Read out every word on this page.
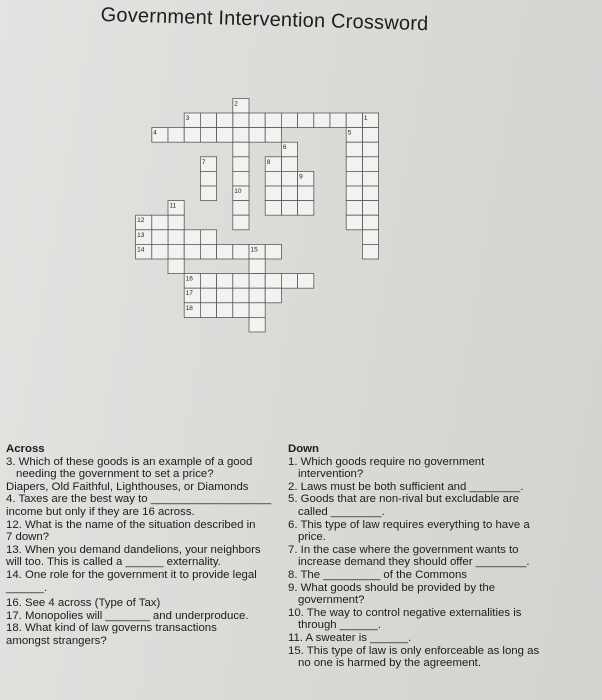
Government Intervention Crossword
1
2
3
4	5
6
7	8
9
10
11
12
13
14	15
16
17
18
Across
3. Which of these goods is an example of a good
needing the government to set a price?
Diapers, Old Faithful, Lighthouses, or Diamonds
4. Taxes are the best way to ___________________
income but only if they are 16 across.
12. What is the name of the situation described in
7 down?
13. When you demand dandelions, your neighbors
will too. This is called a ______ externality.
14. One role for the government it to provide legal
______.
16. See 4 across (Type of Tax)
17. Monopolies will _______ and underproduce.
18. What kind of law governs transactions
amongst strangers?
Down
1. Which goods require no government
intervention?
2. Laws must be both sufficient and ________.
5. Goods that are non-rival but excludable are
called ________.
6. This type of law requires everything to have a
price.
7. In the case where the government wants to
increase demand they should offer ________.
8. The _________ of the Commons
9. What goods should be provided by the
government?
10. The way to control negative externalities is
through ______.
11. A sweater is ______.
15. This type of law is only enforceable as long as
no one is harmed by the agreement.
